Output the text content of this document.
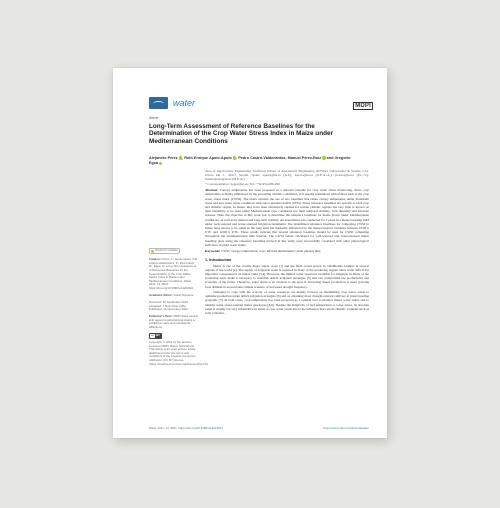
water	MDPI
Article
Long-Term Assessment of Reference Baselines for the Determination of the Crop Water Stress Index in Maize under Mediterranean Conditions
Alejandro Pérez , Ruth Enrique Apolo-Apolo , Pedro Castro-Valdecantos, Manuel Pérez-Ruiz and Gregorio Egea
check for updates
Citation: Pérez, A.; Apolo-Apolo, O.E.; Castro-Valdecantos, P.; Pérez-Ruiz, M.; Egea, G. Long-Term Assessment of Reference Baselines for the Determination of the Crop Water Stress Index in Maize under Mediterranean Conditions. Water 2022, 14, 3621. https://doi.org/10.3390/w14223621
Academic Editor: Guido Wyseure
Received: 30 September 2022
Accepted: 7 November 2022
Published: 10 November 2022
Publisher's Note: MDPI stays neutral with regard to jurisdictional claims in published maps and institutional affiliations.
cc BY
Copyright: © 2022 by the authors. Licensee MDPI, Basel, Switzerland. This article is an open access article distributed under the terms and conditions of the Creative Commons Attribution (CC BY) license (https://creativecommons.org/licenses/by/4.0/).
Area of Agroforestry Engineering, Technical School of Agricultural Engineering (ETSIA), Universidad de Sevilla, Ctra. Utrera km 1, 41013 Sevilla, Spain; aperez@us.es (A.P.); eapolo@us.es (O.E.A.-A.); pcastro@us.es (P.C.-V.); manuelperez@us.es (M.P.-R.)
* Correspondence: gegea@us.es; Tel.: +34-954-486-499
Abstract: Canopy temperature has been proposed as a relevant variable for crop water stress monitoring. Since crop temperature is highly influenced by the prevailing climatic conditions, it is usually normalized with indices such as the crop water stress index (CWSI). The index requires the use of two baselines that relate canopy temperature under maximum stress and non-water stress conditions with vapor pressure deficit (VPD). These reference baselines are specific to each crop and climatic region. In maize, they have been extensively studied for certain climatic regions but very little is known on their suitability to be used under Mediterranean type conditions nor their temporal stability, both diurnally and between seasons. Thus, the objective of this work was to determine the reference baselines for maize grown under Mediterranean conditions, as well as its diurnal and long-term stability. An experiment was conducted for 3 years in a maize breeding field under well-watered and water-stressed irrigation treatments. The determined reference baselines for computing CWSI in maize have shown to be stable in the long term but markedly influenced by the meteorological variables between 10:00 h UTC and 12:00 h UTC. These results indicate that several reference baselines should be used for CWSI computing throughout the aforementioned time interval. The CWSI values calculated for well-watered and water-stressed maize breeding plots using the reference baselines derived in this study were successfully correlated with other physiological indicators of plant water status.
Keywords: CWSI; canopy temperature; crop; infrared thermometry; plant phenotyping
1. Introduction
Maize is one of the world's major staple crops [1] and the main cereal grown by smallholder farmers in several regions of the world [2]. The supply of irrigation water is required in many of the producing regions since water deficit has important consequences on maize yield [3,4]. However, the limited water resources available for irrigation in many of the producing areas make it necessary to establish deficit irrigation strategies [5] that can compromise the productivity and economy of the farms. Therefore, water stress is an obstacle to the goal of increasing maize production to meet growing food demand in an uncertain climate scenario of increased drought frequency.
Strategies to cope with the scarcity of water resources are mainly focused on maximizing crop water status to optimize production under deficit irrigation strategies [6] and on obtaining more drought-tolerant cultivars in plant breeding programs [7]. In both cases, crop temperature has been proposed as a reliable tool to monitor maize water status and to identify water stress-tolerant maize genotypes [8,9]. Despite the simplicity of leaf temperature to water stress, its absolute value is usually not very informative in terms of crop water status due to the influence that certain climatic variables such as solar radiation,
Water 2022, 14, 3621. https://doi.org/10.3390/w14223621	https://www.mdpi.com/journal/water
